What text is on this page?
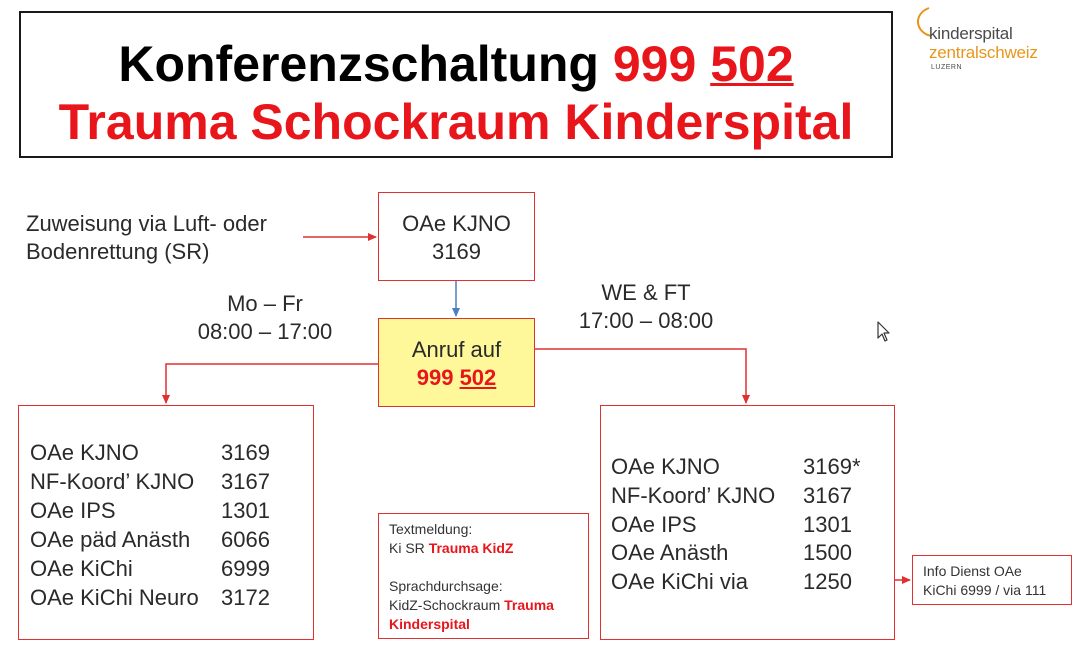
Konferenzschaltung 999 502
Trauma Schockraum Kinderspital
kinderspital
zentralschweiz
LUZERN
Zuweisung via Luft- oder
Bodenrettung (SR)
OAe KJNO
3169
Mo – Fr
08:00 – 17:00
WE & FT
17:00 – 08:00
Anruf auf
999 502
OAe KJNO	3169
NF-Koord’ KJNO 3167
OAe IPS	1301
OAe päd Anästh 6066
OAe KiChi	6999
OAe KiChi Neuro 3172
OAe KJNO	3169*
NF-Koord’ KJNO 3167
OAe IPS	1301
OAe Anästh	1500
OAe KiChi via	1250
Textmeldung:
Ki SR Trauma KidZ
Sprachdurchsage:
KidZ-Schockraum Trauma
Kinderspital
Info Dienst OAe
KiChi 6999 / via 111
